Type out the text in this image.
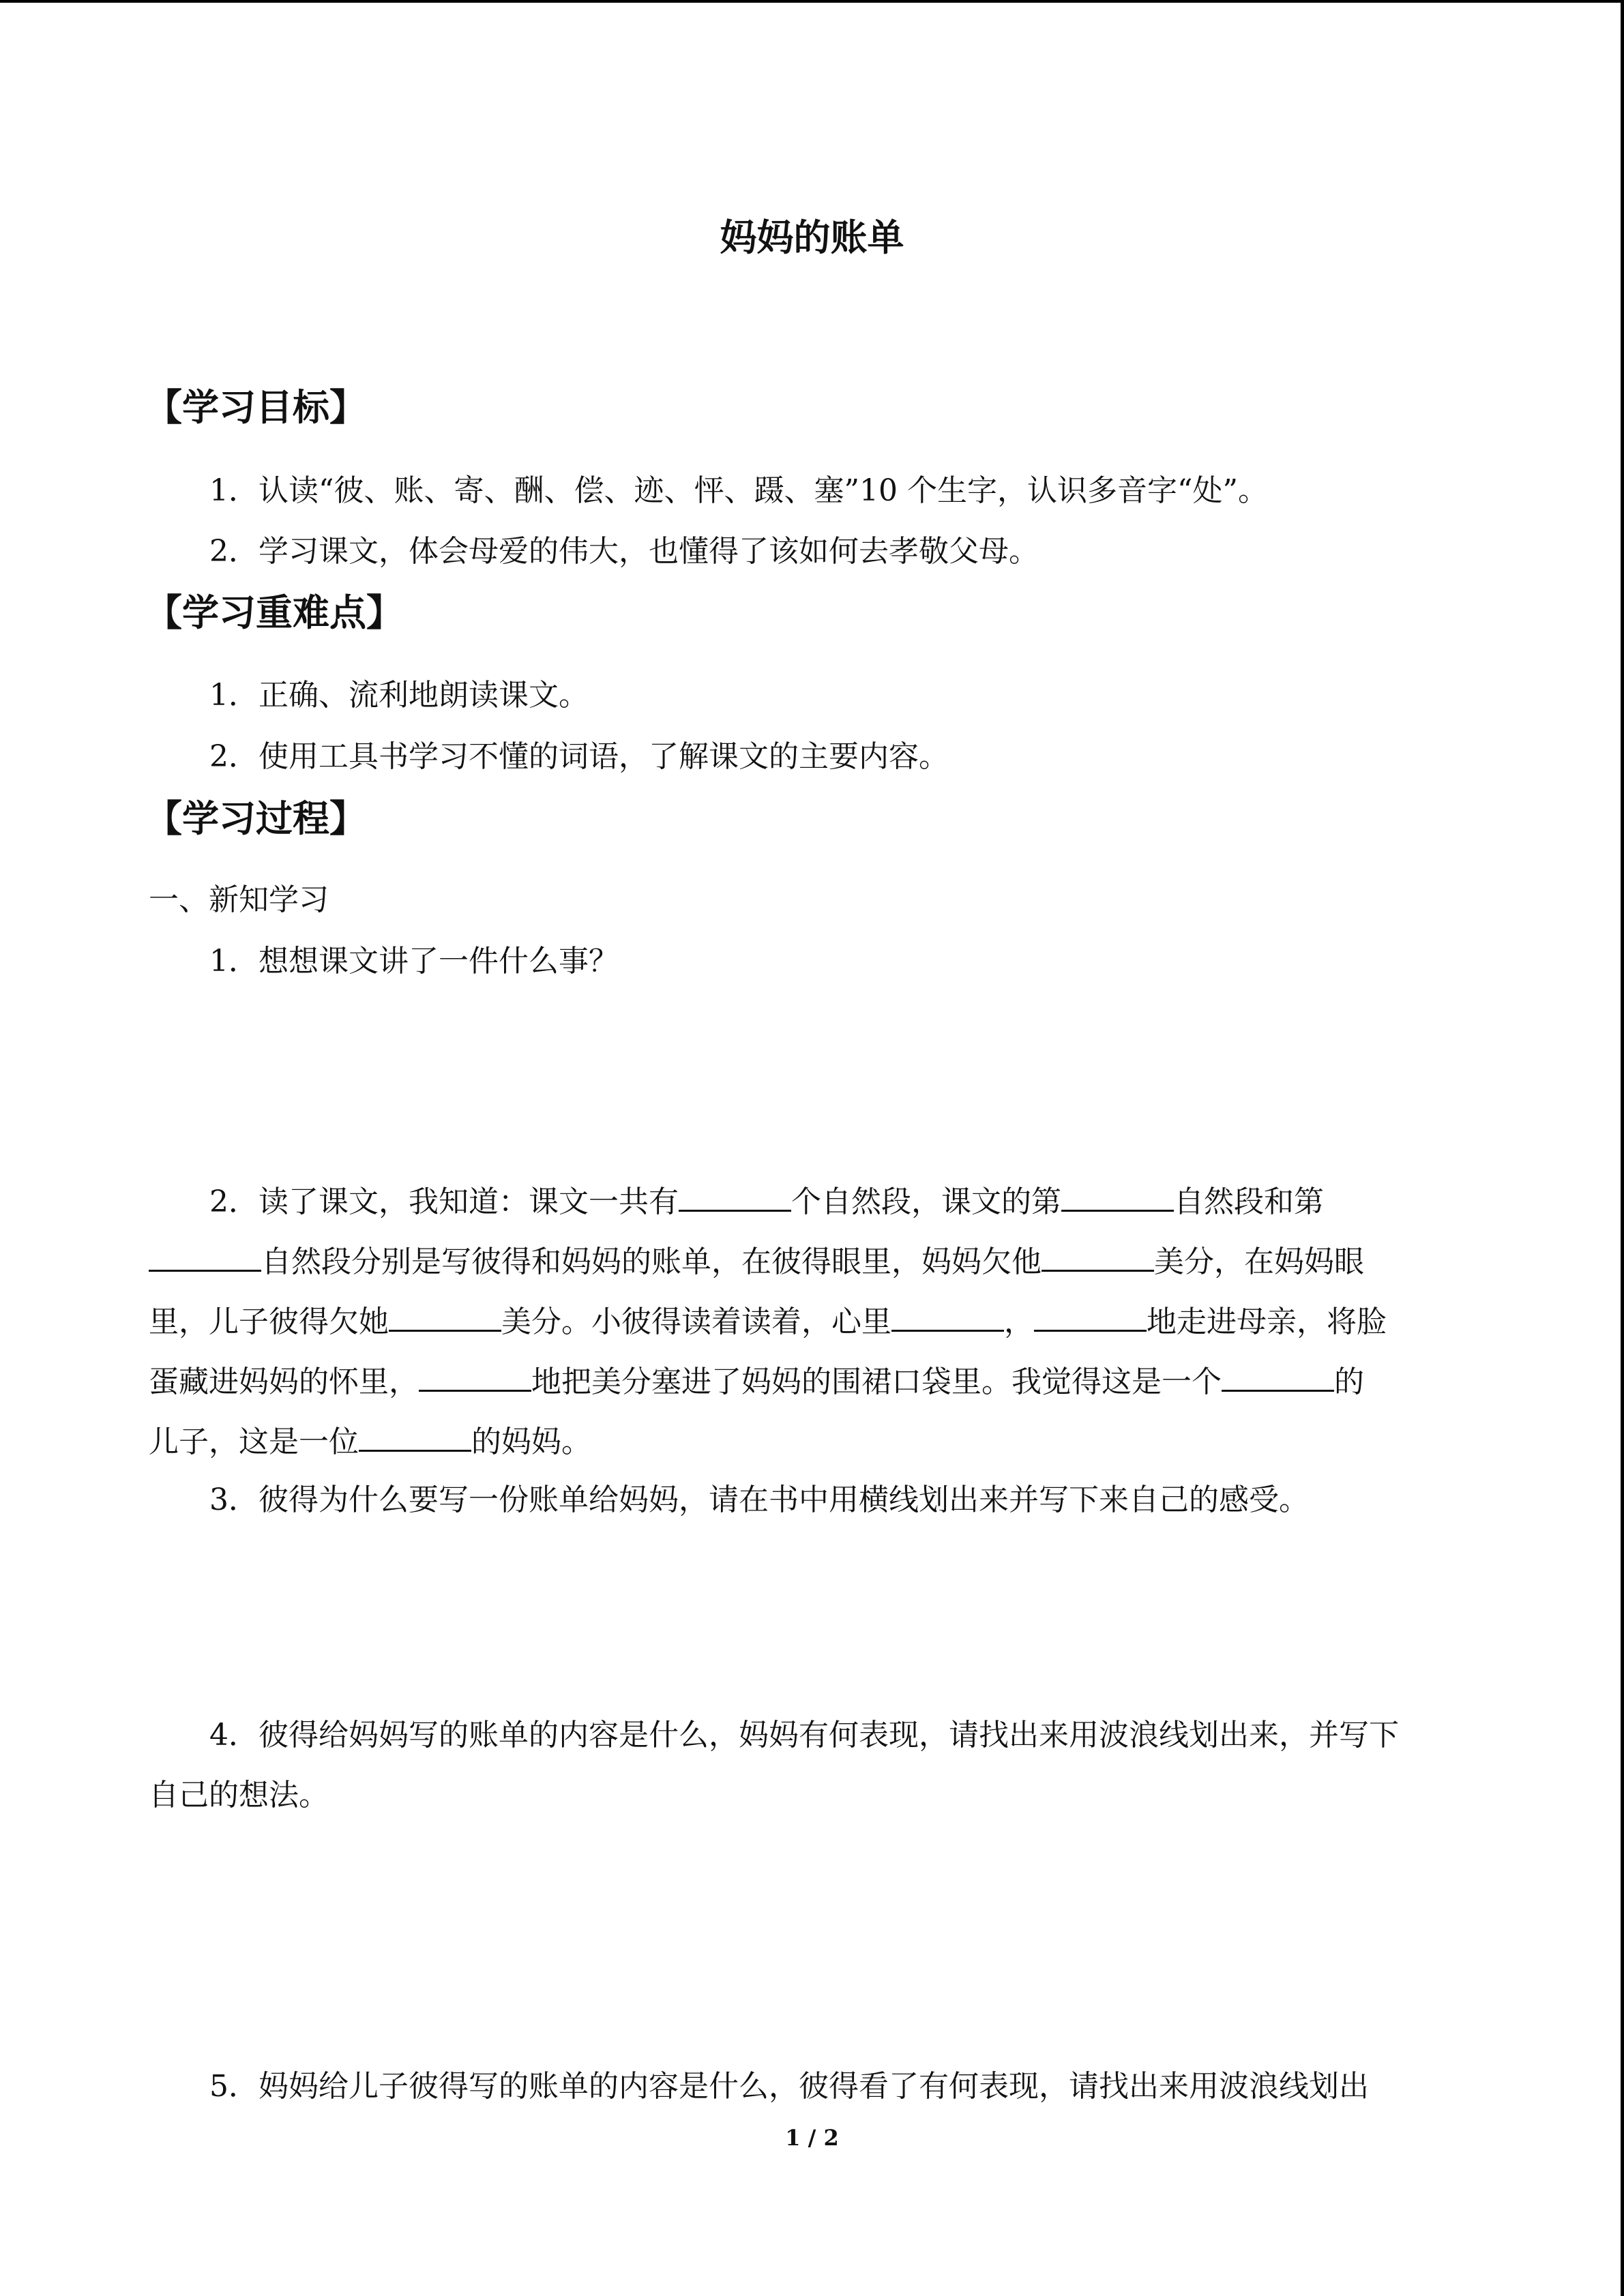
妈妈的账单
【学习目标】
1．认读“彼、账、寄、酬、偿、迹、怦、蹑、塞”10 个生字，认识多音字“处”。
2．学习课文，体会母爱的伟大，也懂得了该如何去孝敬父母。
【学习重难点】
1．正确、流利地朗读课文。
2．使用工具书学习不懂的词语，了解课文的主要内容。
【学习过程】
一、新知学习
1．想想课文讲了一件什么事？
2．读了课文，我知道：课文一共有	个自然段，课文的第	自然段和第
自然段分别是写彼得和妈妈的账单，在彼得眼里，妈妈欠他	美分，在妈妈眼
里，儿子彼得欠她	美分。小彼得读着读着，心里	，	地走进母亲，将脸
蛋藏进妈妈的怀里，	地把美分塞进了妈妈的围裙口袋里。我觉得这是一个	的
儿子，这是一位	的妈妈。
3．彼得为什么要写一份账单给妈妈，请在书中用横线划出来并写下来自己的感受。
4．彼得给妈妈写的账单的内容是什么，妈妈有何表现，请找出来用波浪线划出来，并写下
自己的想法。
5．妈妈给儿子彼得写的账单的内容是什么，彼得看了有何表现，请找出来用波浪线划出
1 / 2
